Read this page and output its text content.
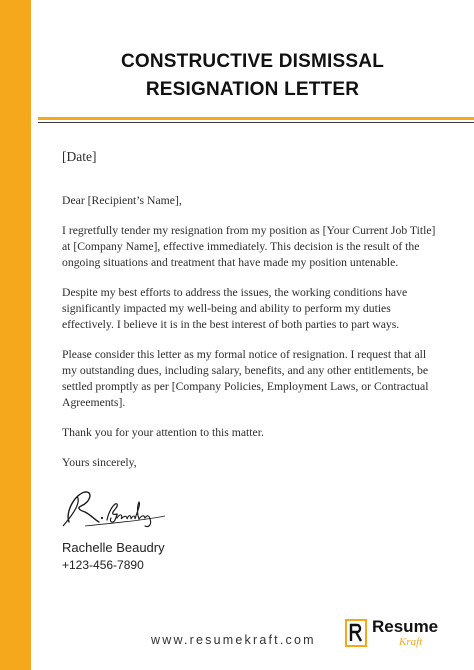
CONSTRUCTIVE DISMISSAL
RESIGNATION LETTER
[Date]

Dear [Recipient’s Name],

I regretfully tender my resignation from my position as [Your Current Job Title] at [Company Name], effective immediately. This decision is the result of the ongoing situations and treatment that have made my position untenable.

Despite my best efforts to address the issues, the working conditions have significantly impacted my well-being and ability to perform my duties effectively. I believe it is in the best interest of both parties to part ways.

Please consider this letter as my formal notice of resignation. I request that all my outstanding dues, including salary, benefits, and any other entitlements, be settled promptly as per [Company Policies, Employment Laws, or Contractual Agreements].

Thank you for your attention to this matter.

Yours sincerely,

Rachelle Beaudry
+123-456-7890
www.resumekraft.com
Resume
Kraft
